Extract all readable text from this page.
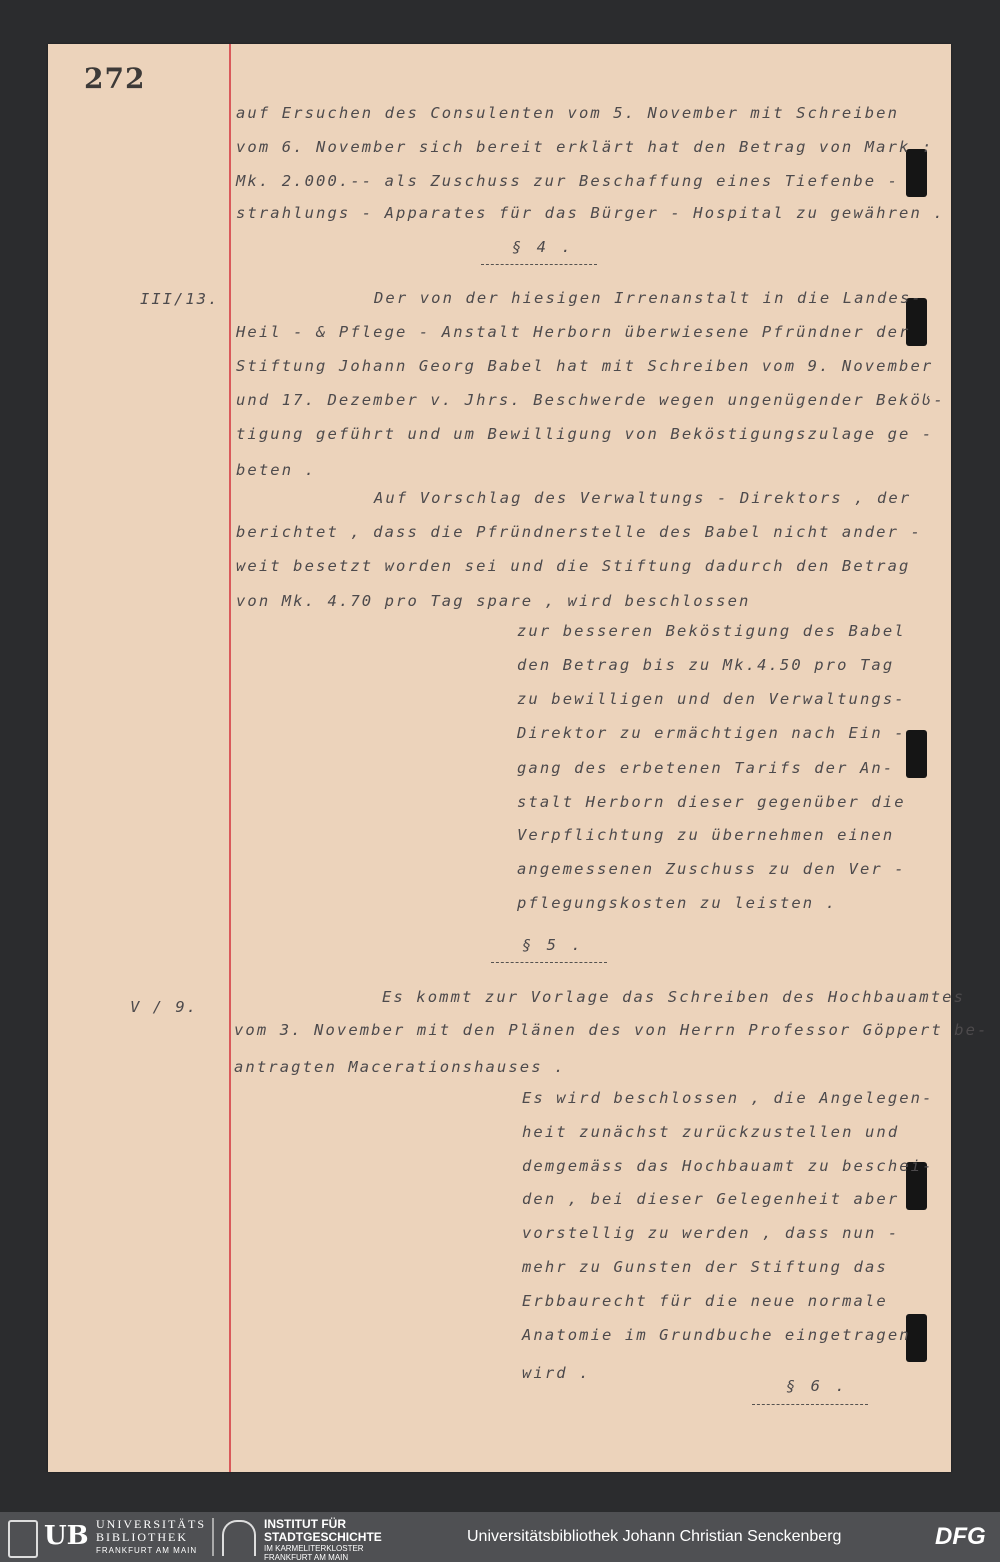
272
auf Ersuchen des Consulenten vom 5. November mit Schreiben
vom 6. November sich bereit erklärt hat den Betrag von Mark :
Mk. 2.000.-- als Zuschuss zur Beschaffung eines Tiefenbe -
strahlungs - Apparates für das Bürger - Hospital zu gewähren .
§ 4 .
III/13.	Der von der hiesigen Irrenanstalt in die Landes-
Heil - & Pflege - Anstalt Herborn überwiesene Pfründner der
Stiftung Johann Georg Babel hat mit Schreiben vom 9. November
und 17. Dezember v. Jhrs. Beschwerde wegen ungenügender Beköს-
tigung geführt und um Bewilligung von Beköstigungszulage ge -
beten .
Auf Vorschlag des Verwaltungs - Direktors , der
berichtet , dass die Pfründnerstelle des Babel nicht ander -
weit besetzt worden sei und die Stiftung dadurch den Betrag
von Mk. 4.70 pro Tag spare , wird beschlossen
zur besseren Beköstigung des Babel
den Betrag bis zu Mk.4.50 pro Tag
zu bewilligen und den Verwaltungs-
Direktor zu ermächtigen nach Ein -
gang des erbetenen Tarifs der An-
stalt Herborn dieser gegenüber die
Verpflichtung zu übernehmen einen
angemessenen Zuschuss zu den Ver -
pflegungskosten zu leisten .
§ 5 .
V / 9.
Es kommt zur Vorlage das Schreiben des Hochbauamtes
vom 3. November mit den Plänen des von Herrn Professor Göppert be-
antragten Macerationshauses .
Es wird beschlossen , die Angelegen-
heit zunächst zurückzustellen und
demgemäss das Hochbauamt zu beschei-
den , bei dieser Gelegenheit aber
vorstellig zu werden , dass nun -
mehr zu Gunsten der Stiftung das
Erbbaurecht für die neue normale
Anatomie im Grundbuche eingetragen
wird .
§ 6 .
UB UNIVERSITÄTS
BIBLIOTHEK
FRANKFURT AM MAIN
INSTITUT FÜR
STADTGESCHICHTE
IM KARMELITERKLOSTER
FRANKFURT AM MAIN
Universitätsbibliothek Johann Christian Senckenberg	DFG
